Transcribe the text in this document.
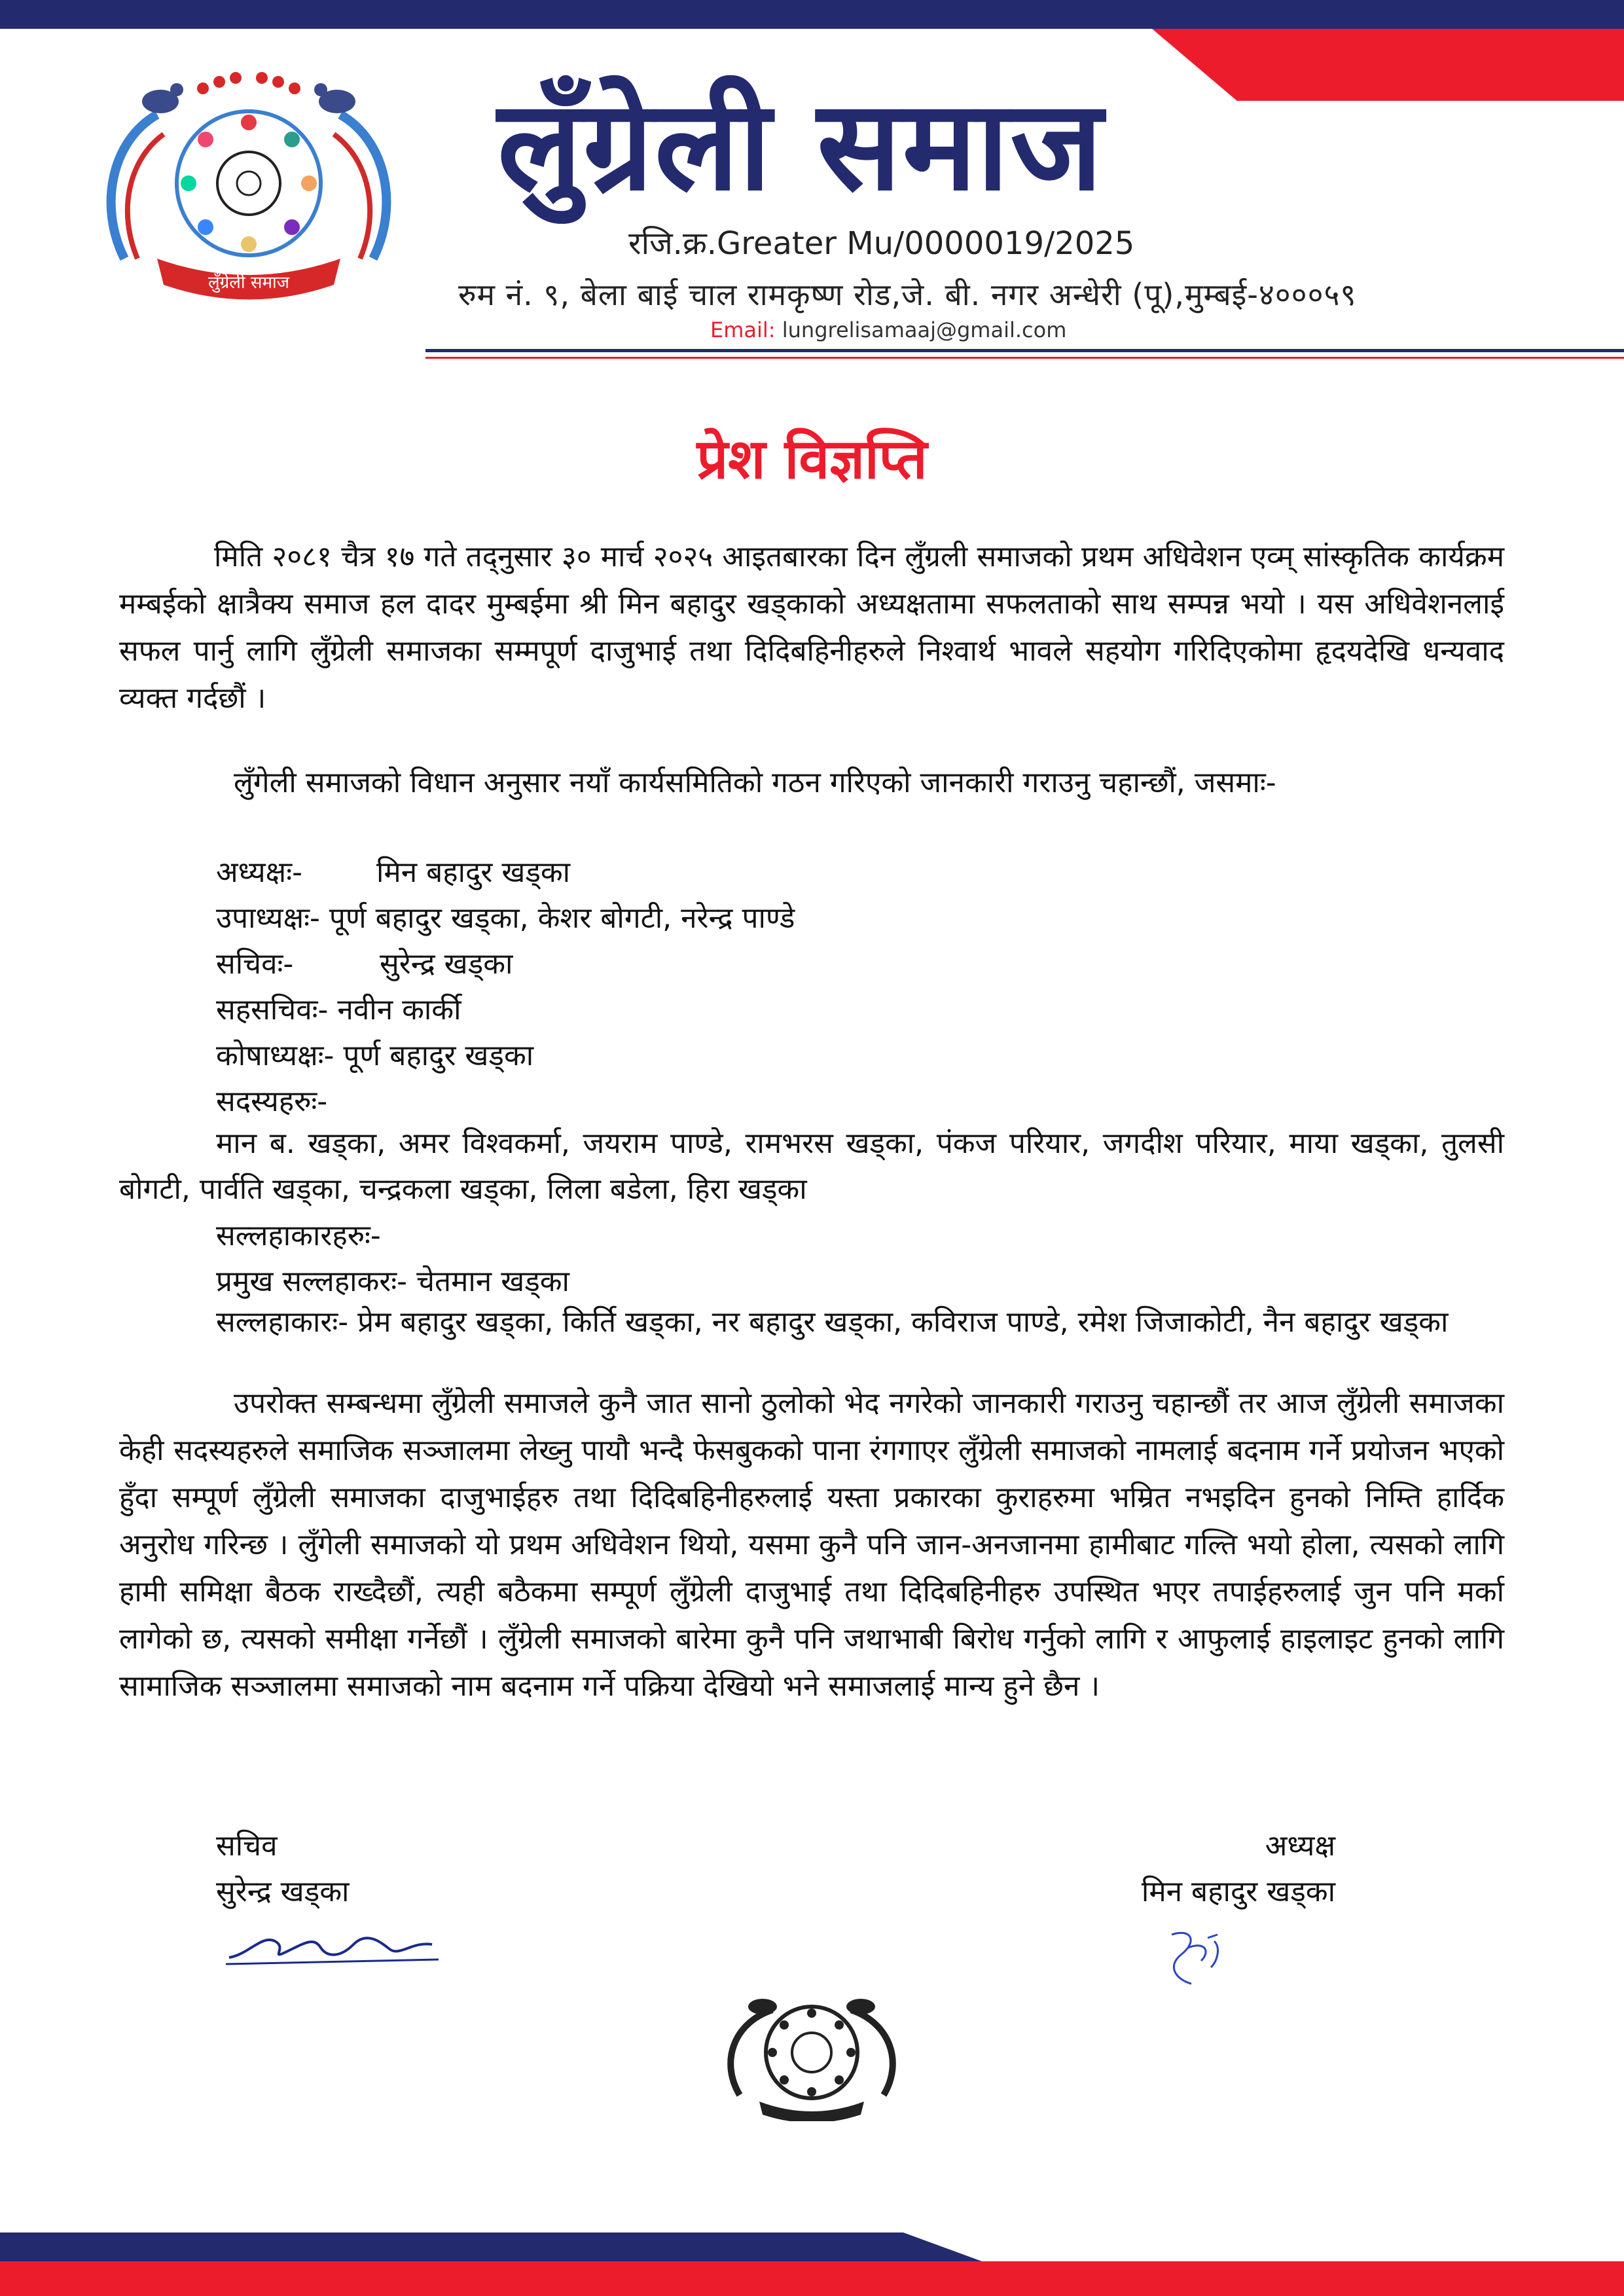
लुँग्रेली समाज
लुँग्रेली समाज
रजि.क्र.Greater Mu/0000019/2025
रुम नं. ९, बेला बाई चाल रामकृष्ण रोड,जे. बी. नगर अन्धेरी (पू),मुम्बई-४०००५९
Email: lungrelisamaaj@gmail.com
प्रेश विज्ञप्ति
मिति २०८१ चैत्र १७ गते तद्नुसार ३० मार्च २०२५ आइतबारका दिन लुँग्रली समाजको प्रथम अधिवेशन एव्म् सांस्कृतिक कार्यक्रम मम्बईको क्षात्रैक्य समाज हल दादर मुम्बईमा श्री मिन बहादुर खड्काको अध्यक्षतामा सफलताको साथ सम्पन्न भयो । यस अधिवेशनलाई सफल पार्नु लागि लुँग्रेली समाजका सम्मपूर्ण दाजुभाई तथा दिदिबहिनीहरुले निश्वार्थ भावले सहयोग गरिदिएकोमा हृदयदेखि धन्यवाद व्यक्त गर्दछौं ।
लुँगेली समाजको विधान अनुसार नयाँ कार्यसमितिको गठन गरिएको जानकारी गराउनु चहान्छौं, जसमाः-
अध्यक्षः-	मिन बहादुर खड्का
उपाध्यक्षः- पूर्ण बहादुर खड्का, केशर बोगटी, नरेन्द्र पाण्डे
सचिवः-	सुरेन्द्र खड्का
सहसचिवः- नवीन कार्की
कोषाध्यक्षः- पूर्ण बहादुर खड्का
सदस्यहरुः-
मान ब. खड्का, अमर विश्वकर्मा, जयराम पाण्डे, रामभरस खड्का, पंकज परियार, जगदीश परियार, माया खड्का, तुलसी बोगटी, पार्वति खड्का, चन्द्रकला खड्का, लिला बडेला, हिरा खड्का
सल्लहाकारहरुः-
प्रमुख सल्लहाकरः- चेतमान खड्का
सल्लहाकारः- प्रेम बहादुर खड्का, किर्ति खड्का, नर बहादुर खड्का, कविराज पाण्डे, रमेश जिजाकोटी, नैन बहादुर खड्का
उपरोक्त सम्बन्धमा लुँग्रेली समाजले कुनै जात सानो ठुलोको भेद नगरेको जानकारी गराउनु चहान्छौं तर आज लुँग्रेली समाजका केही सदस्यहरुले समाजिक सञ्जालमा लेख्नु पायौ भन्दै फेसबुकको पाना रंगगाएर लुँग्रेली समाजको नामलाई बदनाम गर्ने प्रयोजन भएको हुँदा सम्पूर्ण लुँग्रेली समाजका दाजुभाईहरु तथा दिदिबहिनीहरुलाई यस्ता प्रकारका कुराहरुमा भम्रित नभइदिन हुनको निम्ति हार्दिक अनुरोध गरिन्छ । लुँगेली समाजको यो प्रथम अधिवेशन थियो, यसमा कुनै पनि जान-अनजानमा हामीबाट गल्ति भयो होला, त्यसको लागि हामी समिक्षा बैठक राख्दैछौं, त्यही बठैकमा सम्पूर्ण लुँग्रेली दाजुभाई तथा दिदिबहिनीहरु उपस्थित भएर तपाईहरुलाई जुन पनि मर्का लागेको छ, त्यसको समीक्षा गर्नेछौं । लुँग्रेली समाजको बारेमा कुनै पनि जथाभाबी बिरोध गर्नुको लागि र आफुलाई हाइलाइट हुनको लागि सामाजिक सञ्जालमा समाजको नाम बदनाम गर्ने पक्रिया देखियो भने समाजलाई मान्य हुने छैन ।
सचिव
सुरेन्द्र खड्का
अध्यक्ष
मिन बहादुर खड्का
